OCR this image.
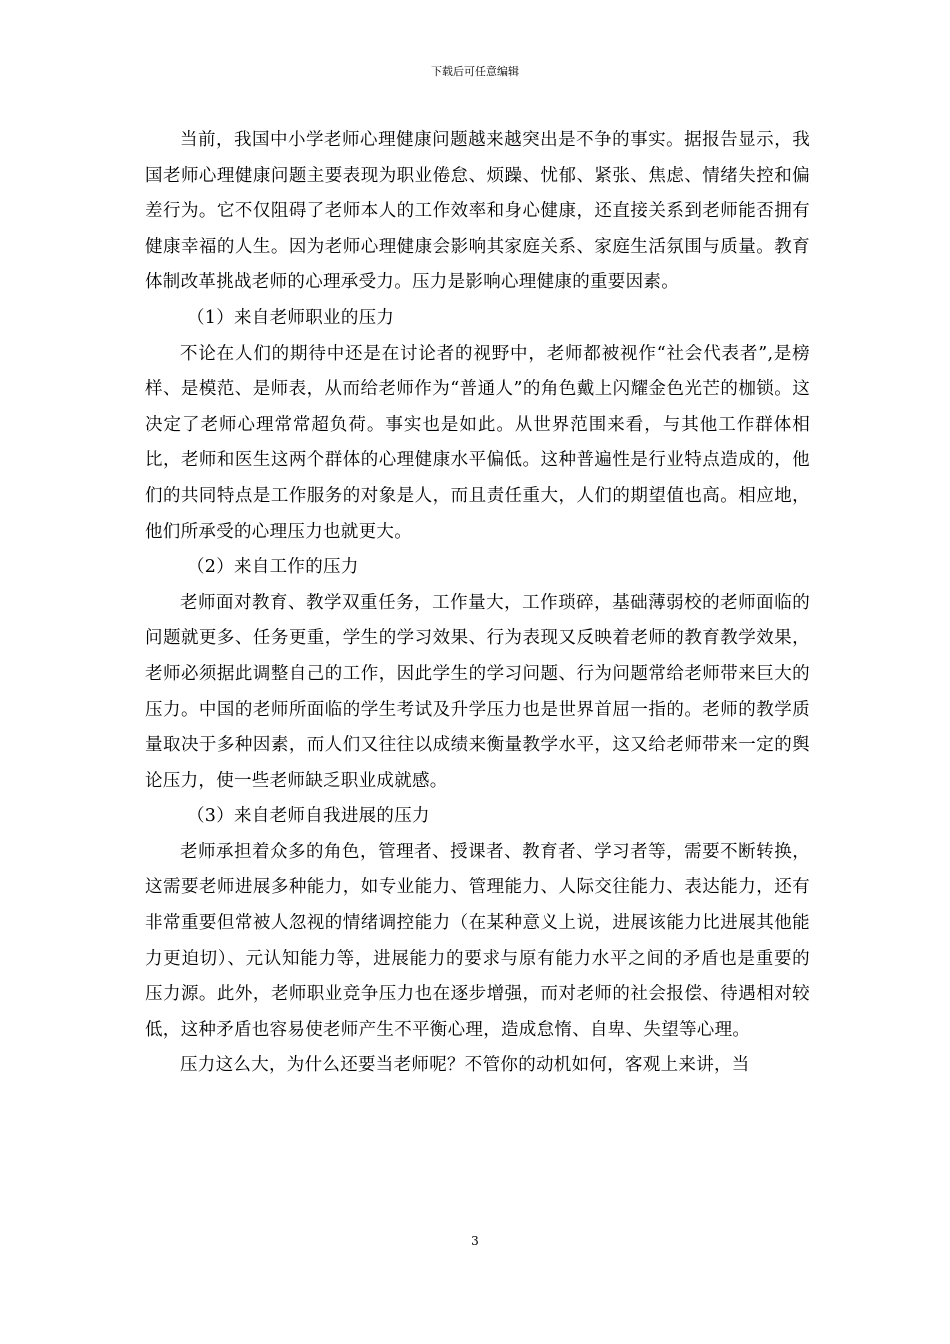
下载后可任意编辑

当前，我国中小学老师心理健康问题越来越突出是不争的事实。据报告显示，我国老师心理健康问题主要表现为职业倦怠、烦躁、忧郁、紧张、焦虑、情绪失控和偏差行为。它不仅阻碍了老师本人的工作效率和身心健康，还直接关系到老师能否拥有健康幸福的人生。因为老师心理健康会影响其家庭关系、家庭生活氛围与质量。教育体制改革挑战老师的心理承受力。压力是影响心理健康的重要因素。

（1）来自老师职业的压力

不论在人们的期待中还是在讨论者的视野中，老师都被视作“社会代表者”,是榜样、是模范、是师表，从而给老师作为“普通人”的角色戴上闪耀金色光芒的枷锁。这决定了老师心理常常超负荷。事实也是如此。从世界范围来看，与其他工作群体相比，老师和医生这两个群体的心理健康水平偏低。这种普遍性是行业特点造成的，他们的共同特点是工作服务的对象是人，而且责任重大，人们的期望值也高。相应地，他们所承受的心理压力也就更大。

（2）来自工作的压力

老师面对教育、教学双重任务，工作量大，工作琐碎，基础薄弱校的老师面临的问题就更多、任务更重，学生的学习效果、行为表现又反映着老师的教育教学效果，老师必须据此调整自己的工作，因此学生的学习问题、行为问题常给老师带来巨大的压力。中国的老师所面临的学生考试及升学压力也是世界首屈一指的。老师的教学质量取决于多种因素，而人们又往往以成绩来衡量教学水平，这又给老师带来一定的舆论压力，使一些老师缺乏职业成就感。

（3）来自老师自我进展的压力

老师承担着众多的角色，管理者、授课者、教育者、学习者等，需要不断转换，这需要老师进展多种能力，如专业能力、管理能力、人际交往能力、表达能力，还有非常重要但常被人忽视的情绪调控能力（在某种意义上说，进展该能力比进展其他能力更迫切）、元认知能力等，进展能力的要求与原有能力水平之间的矛盾也是重要的压力源。此外，老师职业竞争压力也在逐步增强，而对老师的社会报偿、待遇相对较低，这种矛盾也容易使老师产生不平衡心理，造成怠惰、自卑、失望等心理。

压力这么大，为什么还要当老师呢？不管你的动机如何，客观上来讲，当

3
